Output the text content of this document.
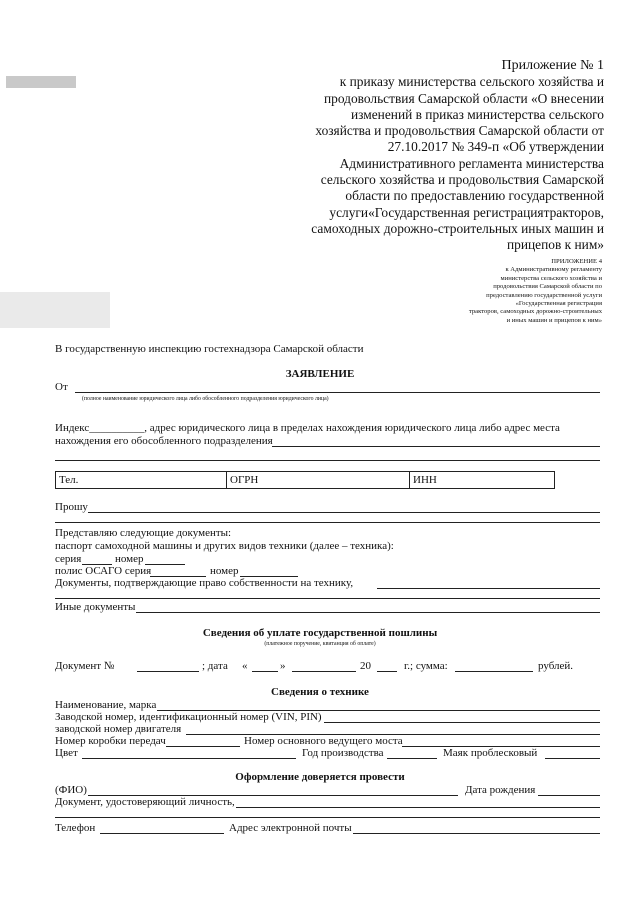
Приложение № 1
к приказу министерства сельского хозяйства и
продовольствия Самарской области «О внесении
изменений в приказ министерства сельского
хозяйства и продовольствия Самарской области от
27.10.2017 № 349-п «Об утверждении
Административного регламента министерства
сельского хозяйства и продовольствия Самарской
области по предоставлению государственной
услуги«Государственная регистрациятракторов,
самоходных дорожно-строительных иных машин и
прицепов к ним»
ПРИЛОЖЕНИЕ 4
к Административному регламенту
министерства сельского хозяйства и
продовольствия Самарской области по
предоставлению государственной услуги
«Государственная регистрация
тракторов, самоходных дорожно-строительных
и иных машин и прицепов к ним»
В государственную инспекцию гостехнадзора Самарской области
ЗАЯВЛЕНИЕ
От
(полное наименование юридического лица либо обособленного подразделения юридического лица)
Индекс__________, адрес юридического лица в пределах нахождения юридического лица либо адрес места
нахождения его обособленного подразделения
Тел.	ОГРН	ИНН
Прошу
Представляю следующие документы:
паспорт самоходной машины и других видов техники (далее – техника):
серия	номер
полис ОСАГО серия	номер
Документы, подтверждающие право собственности на технику,
Иные документы
Сведения об уплате государственной пошлины
(платежное поручение, квитанция об оплате)
Документ №	; дата «	»	20	г.; сумма:	рублей.
Сведения о технике
Наименование, марка
Заводской номер, идентификационный номер (VIN, PIN)
заводской номер двигателя
Номер коробки передач	Номер основного ведущего моста
Цвет	Год производства	Маяк проблесковый
Оформление доверяется провести
(ФИО)	Дата рождения
Документ, удостоверяющий личность,
Телефон	Адрес электронной почты
